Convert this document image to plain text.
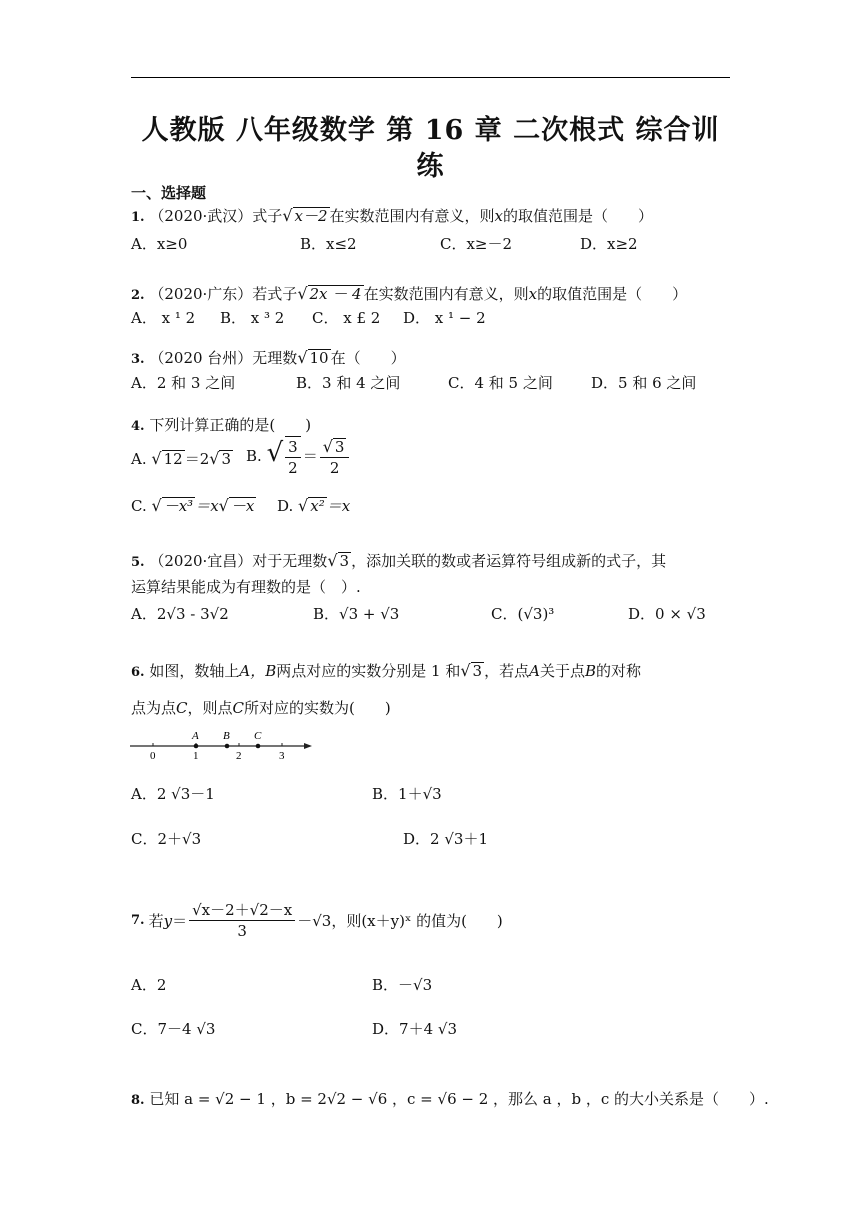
人教版 八年级数学 第 16 章 二次根式 综合训
练
一、选择题
1. （2020·武汉）式子√ x－2 在实数范围内有意义，则x的取值范围是（　　）
A．x≥0	B．x≤2	C．x≥－2	D．x≥2
2. （2020·广东）若式子√ 2x － 4 在实数范围内有意义，则x的取值范围是（　　）
A． x ¹ 2 B． x ³ 2 C． x £ 2 D． x ¹ − 2
3. （2020 台州）无理数√ 10 在（　　）
A．2 和 3 之间	B．3 和 4 之间	C．4 和 5 之间	D．5 和 6 之间
4. 下列计算正确的是(　　)
A. √ 12 ＝2√ 3 B. √ $\frac{3}{2} = \frac{√ 3}{2}$
C. √ －x³ ＝x√ －x D. √ x² ＝x
5. （2020·宜昌）对于无理数√ 3 ，添加关联的数或者运算符号组成新的式子，其
运算结果能成为有理数的是（　）.
A．2√3 - 3√2	B．√3 + √3	C．(√3)³	D．0 × √3
6. 如图，数轴上A，B两点对应的实数分别是 1 和√ 3 ，若点A关于点B的对称
点为点C，则点C所对应的实数为(　　)
A B C
0	1	2	3
A．2 √3－1	B．1＋√3
C．2＋√3	D．2 √3＋1
7. 若 $y = \frac{√x-2+√2-x}{3} -√3$，则(x＋y)ˣ 的值为(　　)
A．2	B．－√3
C．7－4 √3	D．7＋4 √3
8. 已知 a = √2 − 1 ，b = 2√2 − √6 ，c = √6 − 2 ，那么 a ，b ，c 的大小关系是（　　）.
